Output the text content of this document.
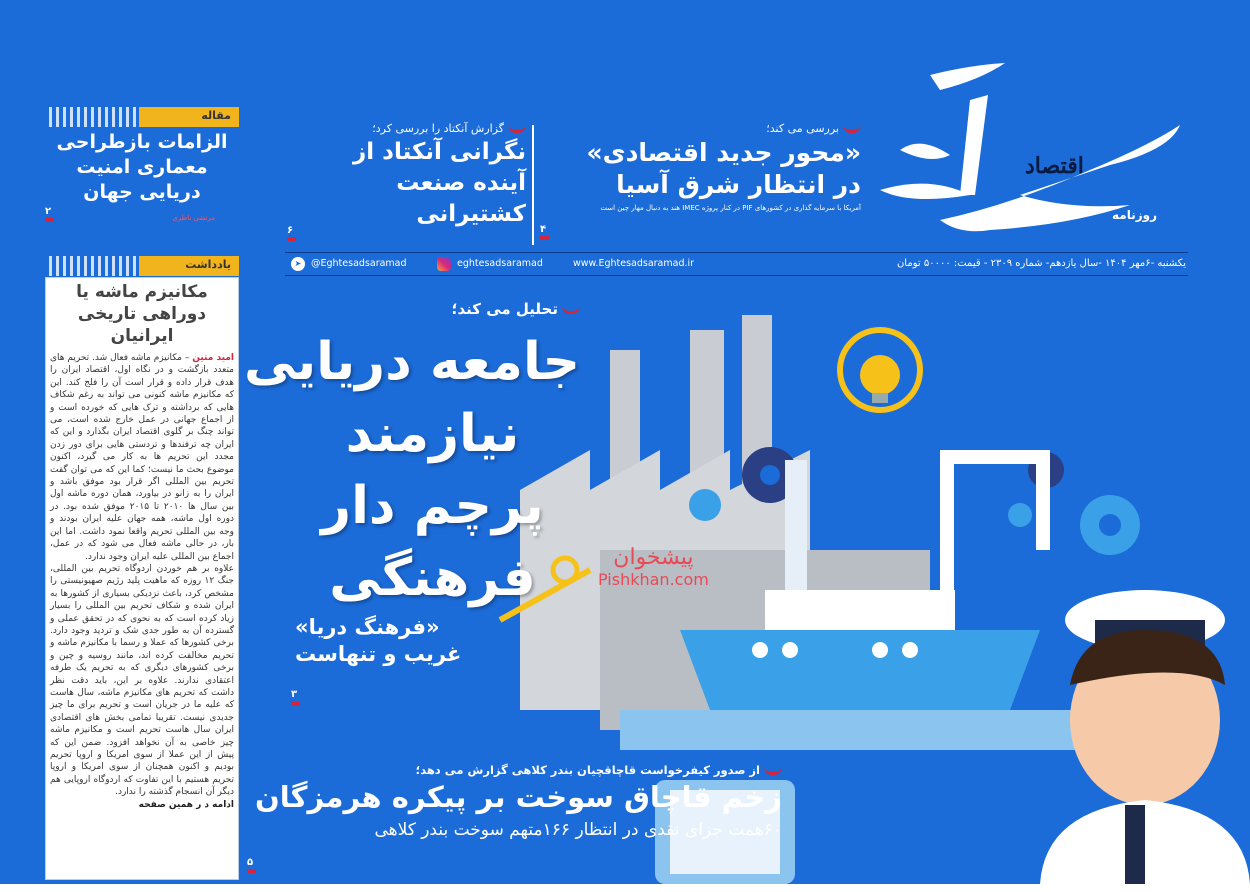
اقتصاد
روزنامه
یکشنبه -۶مهر ۱۴۰۴ -سال یازدهم- شماره ۲۳۰۹ - قیمت: ۵۰۰۰۰ تومان
www.Eghtesadsaramad.ir
eghtesadsaramad
➤	@Eghtesadsaramad
بررسی می کند؛
«محور جدید اقتصادی» در انتظار شرق آسیا
آمریکا با سرمایه گذاری در کشورهای PIF در کنار پروژه IMEC هند به دنبال مهار چین است
۴
گزارش آنکتاد را بررسی کرد؛
نگرانی آنکتاد از آینده صنعت کشتیرانی
۶
مقاله
الزامات بازطراحی معماری امنیت دریایی جهان
۲
مرتضی ناظری
یادداشت
مکانیزم ماشه یا دوراهی تاریخی ایرانیان

امید متین – مکانیزم ماشه فعال شد. تحریم های متعدد بازگشت و در نگاه اول، اقتصاد ایران را هدف قرار داده و قرار است آن را فلج کند. این که مکانیزم ماشه کنونی می تواند به رغم شکاف هایی که برداشته و ترک هایی که خورده است و از اجماع جهانی در عمل خارج شده است، می تواند چنگ بر گلوی اقتصاد ایران بگذارد و این که ایران چه ترفندها و تردستی هایی برای دور زدن مجدد این تحریم ها به کار می گیرد، اکنون موضوع بحث ما نیست؛ کما این که می توان گفت تحریم بین المللی اگر قرار بود موفق باشد و ایران را به زانو در بیاورد، همان دوره ماشه اول بین سال ها ۲۰۱۰ تا ۲۰۱۵ موفق شده بود. در دوره اول ماشه، همه جهان علیه ایران بودند و وجه بین المللی تحریم واقعا نمود داشت. اما این بار، در حالی ماشه فعال می شود که در عمل، اجماع بین المللی علیه ایران وجود ندارد.

علاوه بر هم خوردن اردوگاه تحریم بین المللی، جنگ ۱۲ روزه که ماهیت پلید رژیم صهیونیستی را مشخص کرد، باعث نزدیکی بسیاری از کشورها به ایران شده و شکاف تحریم بین المللی را بسیار زیاد کرده است که به نحوی که در تحقق عملی و گسترده آن به طور جدی شک و تردید وجود دارد. برخی کشورها که عملا و رسما با مکانیزم ماشه و تحریم مخالفت کرده اند، مانند روسیه و چین و برخی کشورهای دیگری که به تحریم یک طرفه اعتقادی ندارند. علاوه بر این، باید دقت نظر داشت که تحریم های مکانیزم ماشه، سال هاست که علیه ما در جریان است و تحریم برای ما چیز جدیدی نیست. تقریبا تمامی بخش های اقتصادی ایران سال هاست تحریم است و مکانیزم ماشه چیز خاصی به آن نخواهد افزود. ضمن این که پیش از این عملا از سوی امریکا و اروپا تحریم بودیم و اکنون همچنان از سوی امریکا و اروپا تحریم هستیم با این تفاوت که اردوگاه اروپایی هم دیگر آن انسجام گذشته را ندارد.

ادامه د ر همین صفحه

پیشخوان
Pishkhan.com
تحلیل می کند؛
جامعه دریایی
نیازمند
پرچم دار
فرهنگی
«فرهنگ دریا»
غریب و تنهاست
۳
از صدور کیفرخواست قاچاقچیان بندر کلاهی گزارش می دهد؛
زخم قاچاق سوخت بر پیکره هرمزگان
۶۰همت جزای نقدی در انتظار ۱۶۶متهم سوخت بندر کلاهی
۵
